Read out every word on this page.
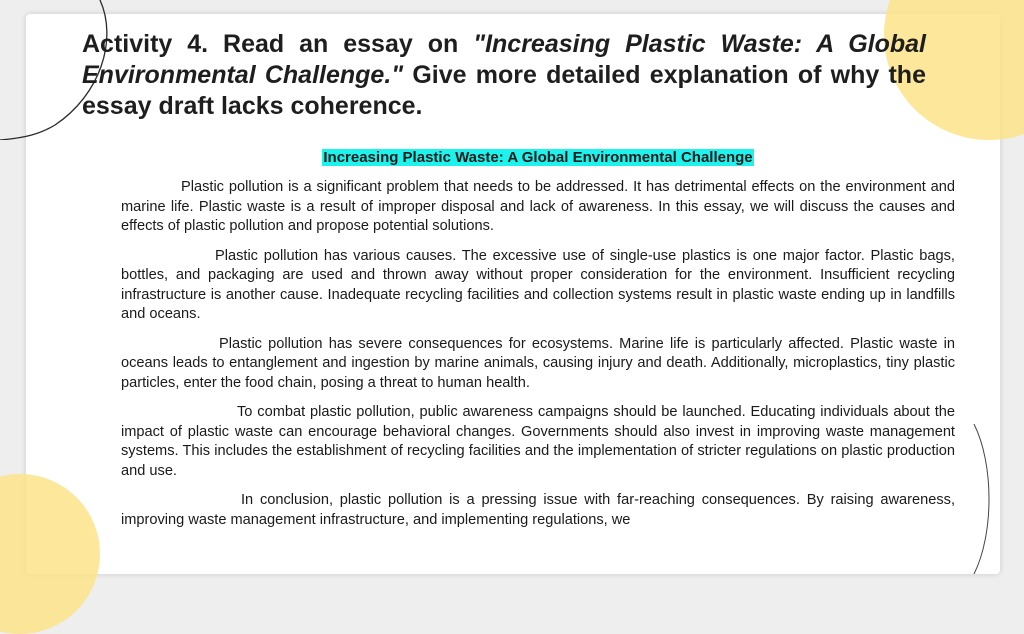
Activity 4. Read an essay on "Increasing Plastic Waste: A Global Environmental Challenge." Give more detailed explanation of why the essay draft lacks coherence.
Increasing Plastic Waste: A Global Environmental Challenge

Plastic pollution is a significant problem that needs to be addressed. It has detrimental effects on the environment and marine life. Plastic waste is a result of improper disposal and lack of awareness. In this essay, we will discuss the causes and effects of plastic pollution and propose potential solutions.

Plastic pollution has various causes. The excessive use of single-use plastics is one major factor. Plastic bags, bottles, and packaging are used and thrown away without proper consideration for the environment. Insufficient recycling infrastructure is another cause. Inadequate recycling facilities and collection systems result in plastic waste ending up in landfills and oceans.

Plastic pollution has severe consequences for ecosystems. Marine life is particularly affected. Plastic waste in oceans leads to entanglement and ingestion by marine animals, causing injury and death. Additionally, microplastics, tiny plastic particles, enter the food chain, posing a threat to human health.

To combat plastic pollution, public awareness campaigns should be launched. Educating individuals about the impact of plastic waste can encourage behavioral changes. Governments should also invest in improving waste management systems. This includes the establishment of recycling facilities and the implementation of stricter regulations on plastic production and use.

In conclusion, plastic pollution is a pressing issue with far-reaching consequences. By raising awareness, improving waste management infrastructure, and implementing regulations, we
